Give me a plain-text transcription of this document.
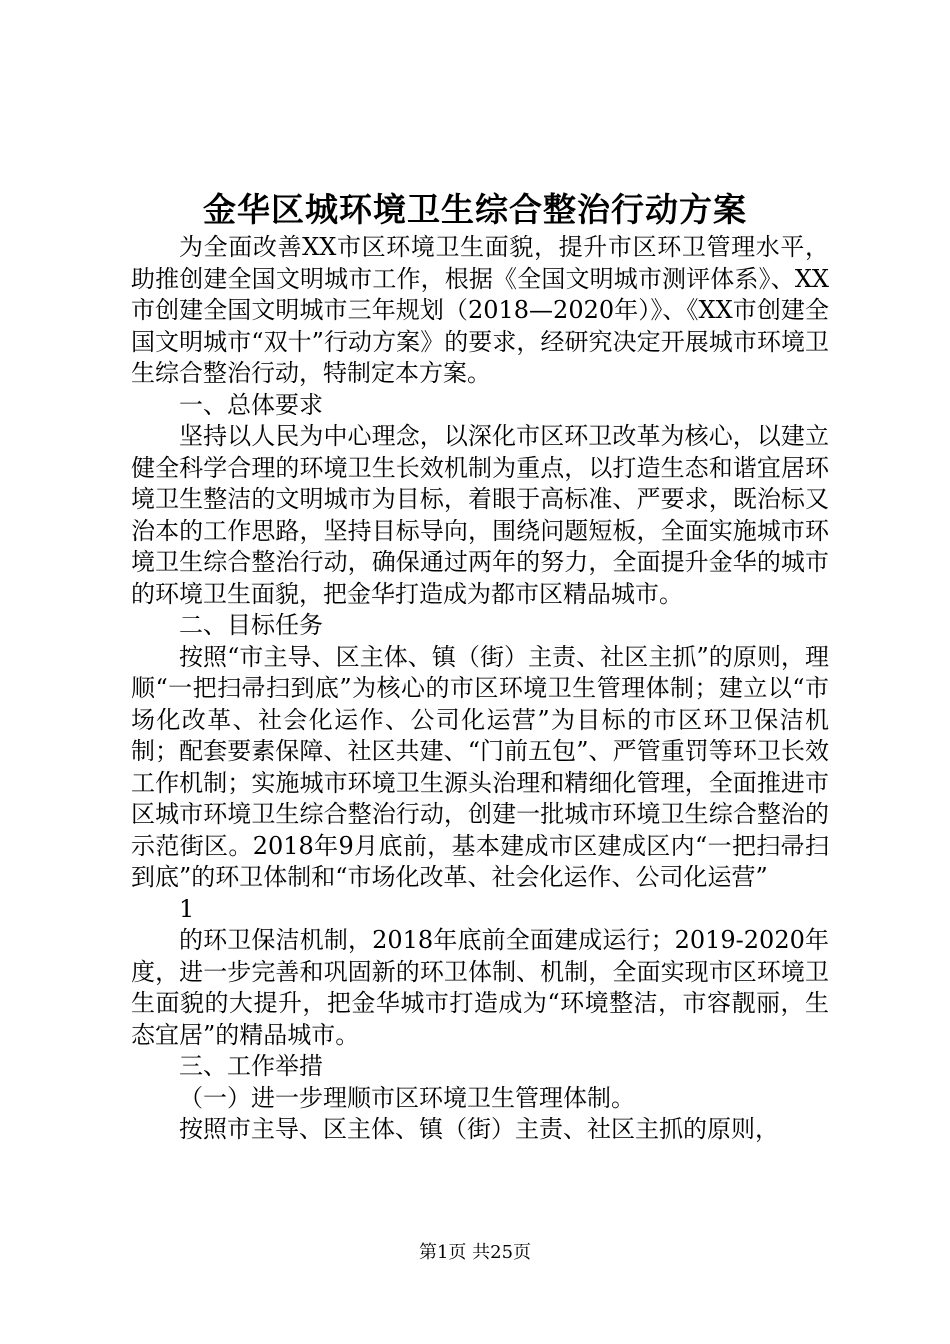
金华区城环境卫生综合整治行动方案

为全面改善XX市区环境卫生面貌，提升市区环卫管理水平，助推创建全国文明城市工作，根据《全国文明城市测评体系》、XX市创建全国文明城市三年规划（2018—2020年）》、《XX市创建全国文明城市“双十”行动方案》的要求，经研究决定开展城市环境卫生综合整治行动，特制定本方案。

一、总体要求

坚持以人民为中心理念，以深化市区环卫改革为核心，以建立健全科学合理的环境卫生长效机制为重点，以打造生态和谐宜居环境卫生整洁的文明城市为目标，着眼于高标准、严要求，既治标又治本的工作思路，坚持目标导向，围绕问题短板，全面实施城市环境卫生综合整治行动，确保通过两年的努力，全面提升金华的城市的环境卫生面貌，把金华打造成为都市区精品城市。

二、目标任务

按照“市主导、区主体、镇（街）主责、社区主抓”的原则，理顺“一把扫帚扫到底”为核心的市区环境卫生管理体制；建立以“市场化改革、社会化运作、公司化运营”为目标的市区环卫保洁机制；配套要素保障、社区共建、“门前五包”、严管重罚等环卫长效工作机制；实施城市环境卫生源头治理和精细化管理，全面推进市区城市环境卫生综合整治行动，创建一批城市环境卫生综合整治的示范街区。2018年9月底前，基本建成市区建成区内“一把扫帚扫到底”的环卫体制和“市场化改革、社会化运作、公司化运营”

1

的环卫保洁机制，2018年底前全面建成运行；2019-2020年度，进一步完善和巩固新的环卫体制、机制，全面实现市区环境卫生面貌的大提升，把金华城市打造成为“环境整洁，市容靓丽，生态宜居”的精品城市。

三、工作举措

（一）进一步理顺市区环境卫生管理体制。

按照市主导、区主体、镇（街）主责、社区主抓的原则，

第1页 共25页
